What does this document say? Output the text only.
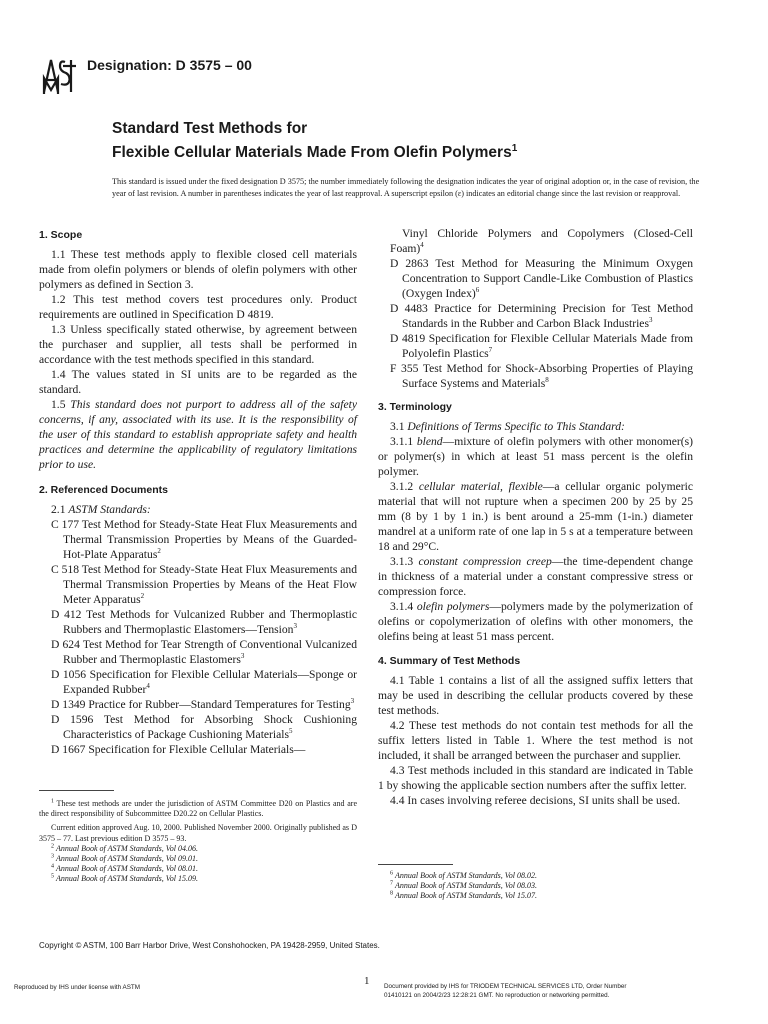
Designation: D 3575 – 00
Standard Test Methods for
Flexible Cellular Materials Made From Olefin Polymers$^1$
This standard is issued under the fixed designation D 3575; the number immediately following the designation indicates the year of original adoption or, in the case of revision, the year of last revision. A number in parentheses indicates the year of last reapproval. A superscript epsilon (ε) indicates an editorial change since the last revision or reapproval.

1. Scope

1.1 These test methods apply to flexible closed cell materials made from olefin polymers or blends of olefin polymers with other polymers as defined in Section 3.

1.2 This test method covers test procedures only. Product requirements are outlined in Specification D 4819.

1.3 Unless specifically stated otherwise, by agreement between the purchaser and supplier, all tests shall be performed in accordance with the test methods specified in this standard.

1.4 The values stated in SI units are to be regarded as the standard.

1.5 This standard does not purport to address all of the safety concerns, if any, associated with its use. It is the responsibility of the user of this standard to establish appropriate safety and health practices and determine the applicability of regulatory limitations prior to use.

2. Referenced Documents

2.1 ASTM Standards:

C 177 Test Method for Steady-State Heat Flux Measurements and Thermal Transmission Properties by Means of the Guarded-Hot-Plate Apparatus$^2$

C 518 Test Method for Steady-State Heat Flux Measurements and Thermal Transmission Properties by Means of the Heat Flow Meter Apparatus$^2$

D 412 Test Methods for Vulcanized Rubber and Thermoplastic Rubbers and Thermoplastic Elastomers—Tension$^3$

D 624 Test Method for Tear Strength of Conventional Vulcanized Rubber and Thermoplastic Elastomers$^3$

D 1056 Specification for Flexible Cellular Materials—Sponge or Expanded Rubber$^4$

D 1349 Practice for Rubber—Standard Temperatures for Testing$^3$

D 1596 Test Method for Absorbing Shock Cushioning Characteristics of Package Cushioning Materials$^5$

D 1667 Specification for Flexible Cellular Materials—

Vinyl Chloride Polymers and Copolymers (Closed-Cell Foam)$^4$

D 2863 Test Method for Measuring the Minimum Oxygen Concentration to Support Candle-Like Combustion of Plastics (Oxygen Index)$^6$

D 4483 Practice for Determining Precision for Test Method Standards in the Rubber and Carbon Black Industries$^3$

D 4819 Specification for Flexible Cellular Materials Made from Polyolefin Plastics$^7$

F 355 Test Method for Shock-Absorbing Properties of Playing Surface Systems and Materials$^8$

3. Terminology

3.1 Definitions of Terms Specific to This Standard:

3.1.1 blend—mixture of olefin polymers with other monomer(s) or polymer(s) in which at least 51 mass percent is the olefin polymer.

3.1.2 cellular material, flexible—a cellular organic polymeric material that will not rupture when a specimen 200 by 25 by 25 mm (8 by 1 by 1 in.) is bent around a 25-mm (1-in.) diameter mandrel at a uniform rate of one lap in 5 s at a temperature between 18 and 29°C.

3.1.3 constant compression creep—the time-dependent change in thickness of a material under a constant compressive stress or compression force.

3.1.4 olefin polymers—polymers made by the polymerization of olefins or copolymerization of olefins with other monomers, the olefins being at least 51 mass percent.

4. Summary of Test Methods

4.1 Table 1 contains a list of all the assigned suffix letters that may be used in describing the cellular products covered by these test methods.

4.2 These test methods do not contain test methods for all the suffix letters listed in Table 1. Where the test method is not included, it shall be arranged between the purchaser and supplier.

4.3 Test methods included in this standard are indicated in Table 1 by showing the applicable section numbers after the suffix letter.

4.4 In cases involving referee decisions, SI units shall be used.

$^1$ These test methods are under the jurisdiction of ASTM Committee D20 on Plastics and are the direct responsibility of Subcommittee D20.22 on Cellular Plastics.

Current edition approved Aug. 10, 2000. Published November 2000. Originally published as D 3575 – 77. Last previous edition D 3575 – 93.

$^2$ Annual Book of ASTM Standards, Vol 04.06.

$^3$ Annual Book of ASTM Standards, Vol 09.01.

$^4$ Annual Book of ASTM Standards, Vol 08.01.

$^5$ Annual Book of ASTM Standards, Vol 15.09.

$^6$ Annual Book of ASTM Standards, Vol 08.02.

$^7$ Annual Book of ASTM Standards, Vol 08.03.

$^8$ Annual Book of ASTM Standards, Vol 15.07.

Copyright © ASTM, 100 Barr Harbor Drive, West Conshohocken, PA 19428-2959, United States.
Reproduced by IHS under license with ASTM
1 Document provided by IHS for TRIODEM TECHNICAL SERVICES LTD, Order Number
01410121 on 2004/2/23 12:28:21 GMT. No reproduction or networking permitted.
